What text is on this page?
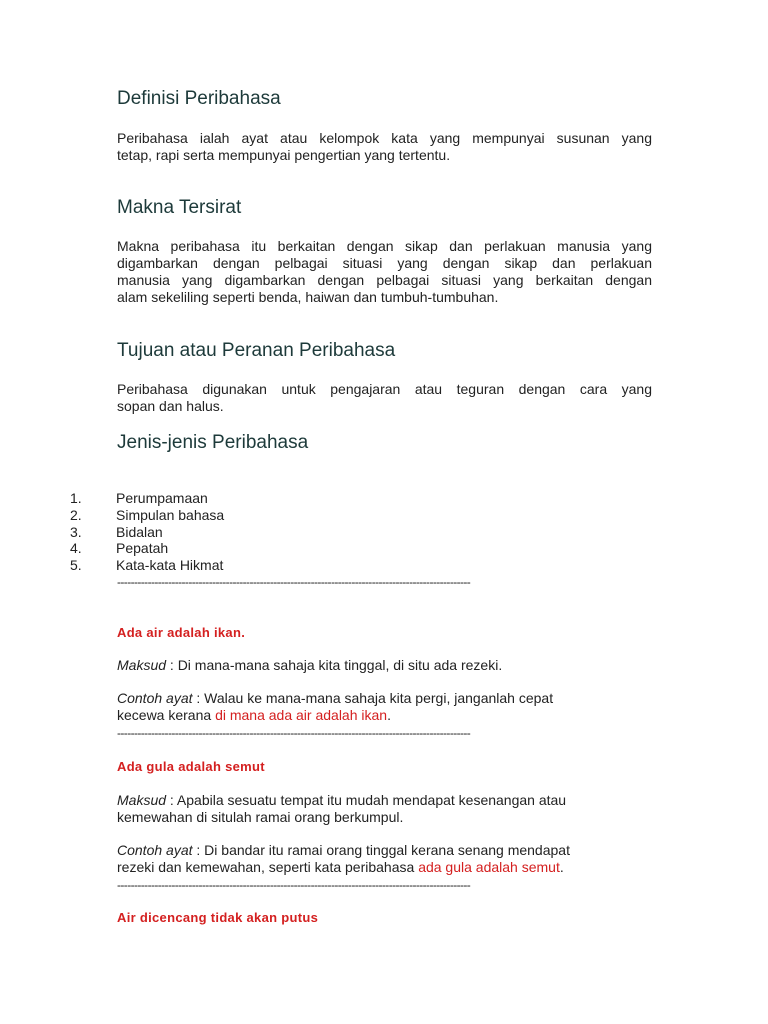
Definisi Peribahasa
Peribahasa ialah ayat atau kelompok kata yang mempunyai susunan yang
tetap, rapi serta mempunyai pengertian yang tertentu.
Makna Tersirat
Makna peribahasa itu berkaitan dengan sikap dan perlakuan manusia yang
digambarkan dengan pelbagai situasi yang dengan sikap dan perlakuan
manusia yang digambarkan dengan pelbagai situasi yang berkaitan dengan
alam sekeliling seperti benda, haiwan dan tumbuh-tumbuhan.
Tujuan atau Peranan Peribahasa
Peribahasa digunakan untuk pengajaran atau teguran dengan cara yang
sopan dan halus.
Jenis-jenis Peribahasa
1.	Perumpamaan
2.	Simpulan bahasa
3.	Bidalan
4.	Pepatah
5.	Kata-kata Hikmat
--------------------------------------------------------------------------------------------------------
Ada air adalah ikan.

Maksud : Di mana-mana sahaja kita tinggal, di situ ada rezeki.

Contoh ayat : Walau ke mana-mana sahaja kita pergi, janganlah cepat
kecewa kerana di mana ada air adalah ikan.

--------------------------------------------------------------------------------------------------------
Ada gula adalah semut

Maksud : Apabila sesuatu tempat itu mudah mendapat kesenangan atau
kemewahan di situlah ramai orang berkumpul.

Contoh ayat : Di bandar itu ramai orang tinggal kerana senang mendapat
rezeki dan kemewahan, seperti kata peribahasa ada gula adalah semut.

--------------------------------------------------------------------------------------------------------
Air dicencang tidak akan putus
